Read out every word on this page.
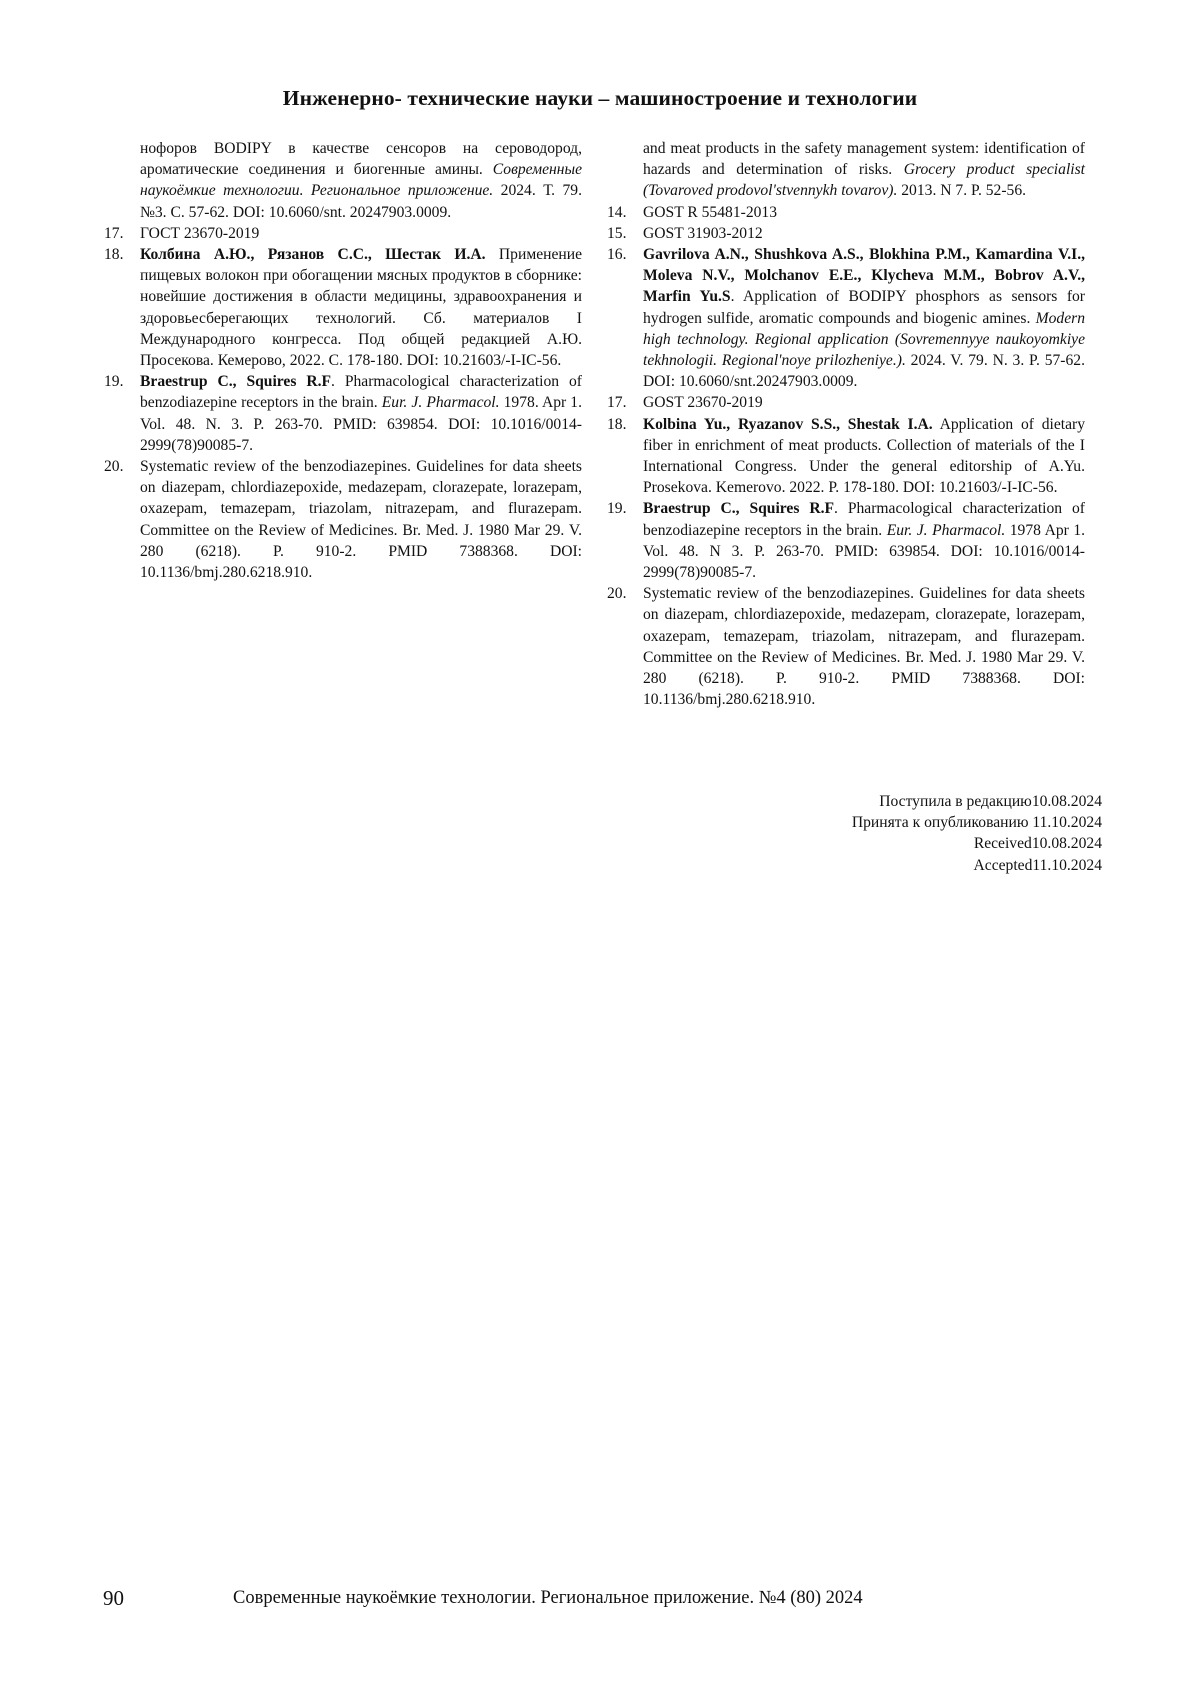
Инженерно- технические науки – машиностроение и технологии
нофоров BODIPY в качестве сенсоров на сероводород, ароматические соединения и биогенные амины. Современные наукоёмкие технологии. Региональное приложение. 2024. Т. 79. №3. С. 57-62. DOI: 10.6060/snt. 20247903.0009.
17.	ГОСТ 23670-2019
18.	Колбина А.Ю., Рязанов С.С., Шестак И.А. Применение пищевых волокон при обогащении мясных продуктов в сборнике: новейшие достижения в области медицины, здравоохранения и здоровьесберегающих технологий. Сб. материалов I Международного конгресса. Под общей редакцией А.Ю. Просекова. Кемерово, 2022. С. 178-180. DOI: 10.21603/-I-IC-56.
19.	Braestrup C., Squires R.F. Pharmacological characterization of benzodiazepine receptors in the brain. Eur. J. Pharmacol. 1978. Apr 1. Vol. 48. N. 3. P. 263-70. PMID: 639854. DOI: 10.1016/0014-2999(78)90085-7.
20.	Systematic review of the benzodiazepines. Guidelines for data sheets on diazepam, chlordiazepoxide, medazepam, clorazepate, lorazepam, oxazepam, temazepam, triazolam, nitrazepam, and flurazepam. Committee on the Review of Medicines. Br. Med. J. 1980 Mar 29. V. 280 (6218). P. 910-2. PMID 7388368. DOI: 10.1136/bmj.280.6218.910.
and meat products in the safety management system: identification of hazards and determination of risks. Grocery product specialist (Tovaroved prodovol'stvennykh tovarov). 2013. N 7. P. 52-56.
14.	GOST R 55481-2013
15.	GOST 31903-2012
16.	Gavrilova A.N., Shushkova A.S., Blokhina P.M., Kamardina V.I., Moleva N.V., Molchanov E.E., Klycheva M.M., Bobrov A.V., Marfin Yu.S. Application of BODIPY phosphors as sensors for hydrogen sulfide, aromatic compounds and biogenic amines. Modern high technology. Regional application (Sovremennyye naukoyomkiye tekhnologii. Regional'noye prilozheniye.). 2024. V. 79. N. 3. P. 57-62. DOI: 10.6060/snt.20247903.0009.
17.	GOST 23670-2019
18.	Kolbina Yu., Ryazanov S.S., Shestak I.A. Application of dietary fiber in enrichment of meat products. Collection of materials of the I International Congress. Under the general editorship of A.Yu. Prosekova. Kemerovo. 2022. P. 178-180. DOI: 10.21603/-I-IC-56.
19.	Braestrup C., Squires R.F. Pharmacological characterization of benzodiazepine receptors in the brain. Eur. J. Pharmacol. 1978 Apr 1. Vol. 48. N 3. P. 263-70. PMID: 639854. DOI: 10.1016/0014-2999(78)90085-7.
20.	Systematic review of the benzodiazepines. Guidelines for data sheets on diazepam, chlordiazepoxide, medazepam, clorazepate, lorazepam, oxazepam, temazepam, triazolam, nitrazepam, and flurazepam. Committee on the Review of Medicines. Br. Med. J. 1980 Mar 29. V. 280 (6218). P. 910-2. PMID 7388368. DOI: 10.1136/bmj.280.6218.910.
Поступила в редакцию10.08.2024
Принята к опубликованию 11.10.2024
Received10.08.2024
Accepted11.10.2024
90	Современные наукоёмкие технологии. Региональное приложение. №4 (80) 2024
